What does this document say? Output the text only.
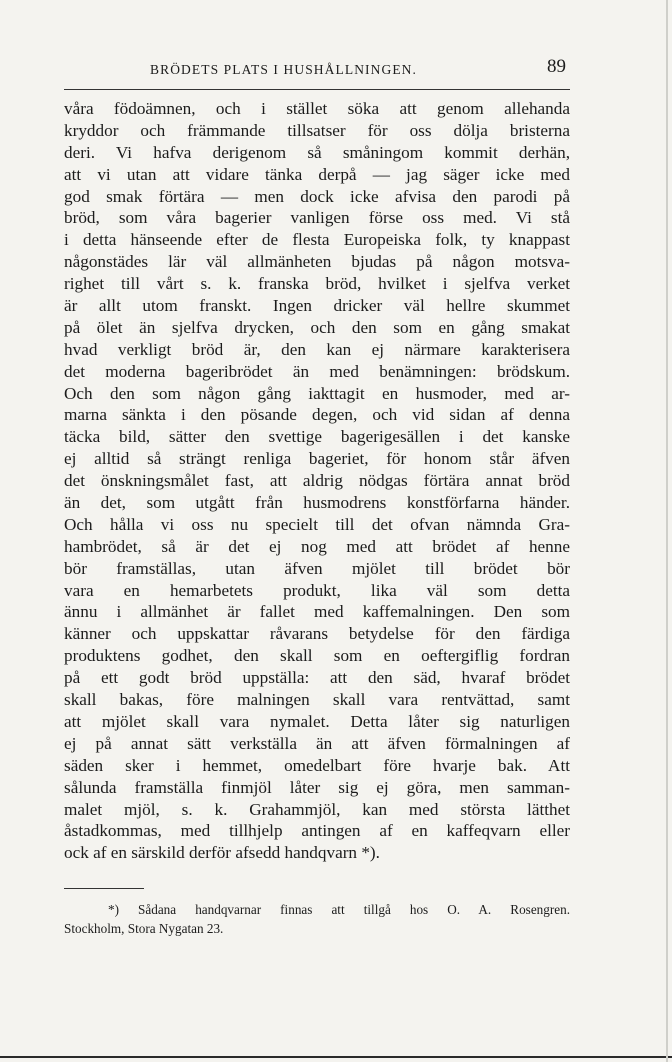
BRÖDETS PLATS I HUSHÅLLNINGEN.	89
våra födoämnen, och i stället söka att genom allehanda
kryddor och främmande tillsatser för oss dölja bristerna
deri. Vi hafva derigenom så småningom kommit derhän,
att vi utan att vidare tänka derpå — jag säger icke med
god smak förtära — men dock icke afvisa den parodi på
bröd, som våra bagerier vanligen förse oss med. Vi stå
i detta hänseende efter de flesta Europeiska folk, ty knappast
någonstädes lär väl allmänheten bjudas på någon motsva-
righet till vårt s. k. franska bröd, hvilket i sjelfva verket
är allt utom franskt. Ingen dricker väl hellre skummet
på ölet än sjelfva drycken, och den som en gång smakat
hvad verkligt bröd är, den kan ej närmare karakterisera
det moderna bageribrödet än med benämningen: brödskum.
Och den som någon gång iakttagit en husmoder, med ar-
marna sänkta i den pösande degen, och vid sidan af denna
täcka bild, sätter den svettige bagerigesällen i det kanske
ej alltid så strängt renliga bageriet, för honom står äfven
det önskningsmålet fast, att aldrig nödgas förtära annat bröd
än det, som utgått från husmodrens konstförfarna händer.
Och hålla vi oss nu specielt till det ofvan nämnda Gra-
hambrödet, så är det ej nog med att brödet af henne
bör framställas, utan äfven mjölet till brödet bör
vara en hemarbetets produkt, lika väl som detta
ännu i allmänhet är fallet med kaffemalningen. Den som
känner och uppskattar råvarans betydelse för den färdiga
produktens godhet, den skall som en oeftergiflig fordran
på ett godt bröd uppställa: att den säd, hvaraf brödet
skall bakas, före malningen skall vara rentvättad, samt
att mjölet skall vara nymalet. Detta låter sig naturligen
ej på annat sätt verkställa än att äfven förmalningen af
säden sker i hemmet, omedelbart före hvarje bak. Att
sålunda framställa finmjöl låter sig ej göra, men samman-
malet mjöl, s. k. Grahammjöl, kan med största lätthet
åstadkommas, med tillhjelp antingen af en kaffeqvarn eller
ock af en särskild derför afsedd handqvarn *).
*) Sådana handqvarnar finnas att tillgå hos O. A. Rosengren.
Stockholm, Stora Nygatan 23.
